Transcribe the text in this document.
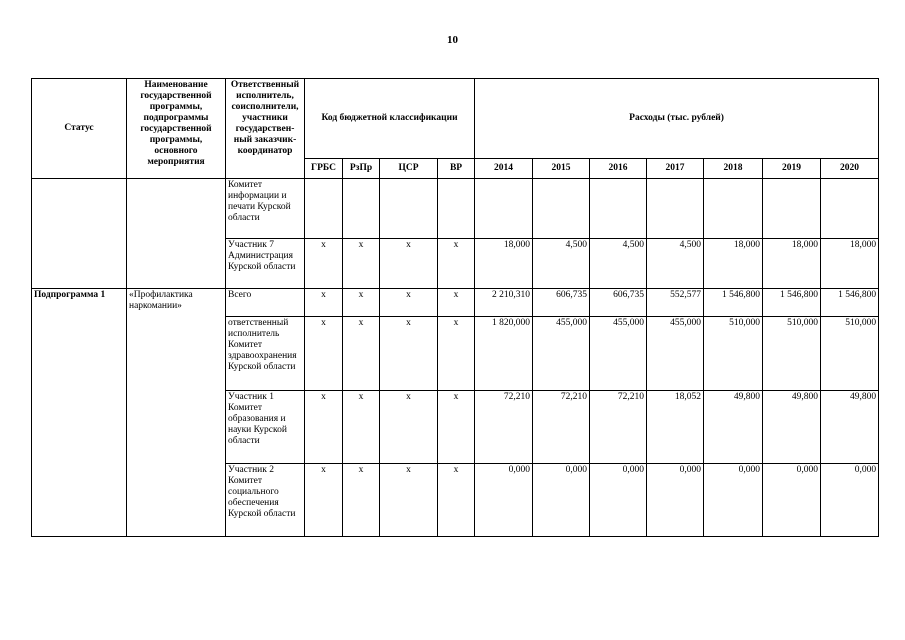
10
Статус	Наименование государственной программы, подпрограммы государственной программы, основного мероприятия	Ответственный исполнитель, соисполнители, участники государствен-ный заказчик-координатор	Код бюджетной классификации				Расходы (тыс. рублей)						
			ГРБС	РзПр	ЦСР	ВР	2014	2015	2016	2017	2018	2019	2020
		Комитет информации и печати Курской области											
		Участник 7 Администрация Курской области	x	x	x	x	18,000	4,500	4,500	4,500	18,000	18,000	18,000
Подпрограмма 1	«Профилактика наркомании»	Всего	x	x	x	x	2 210,310	606,735	606,735	552,577	1 546,800	1 546,800	1 546,800
		ответственный исполнитель Комитет здравоохранения Курской области	x	x	x	x	1 820,000	455,000	455,000	455,000	510,000	510,000	510,000
		Участник 1 Комитет образования и науки Курской области	x	x	x	x	72,210	72,210	72,210	18,052	49,800	49,800	49,800
		Участник 2 Комитет социального обеспечения Курской области	x	x	x	x	0,000	0,000	0,000	0,000	0,000	0,000	0,000
